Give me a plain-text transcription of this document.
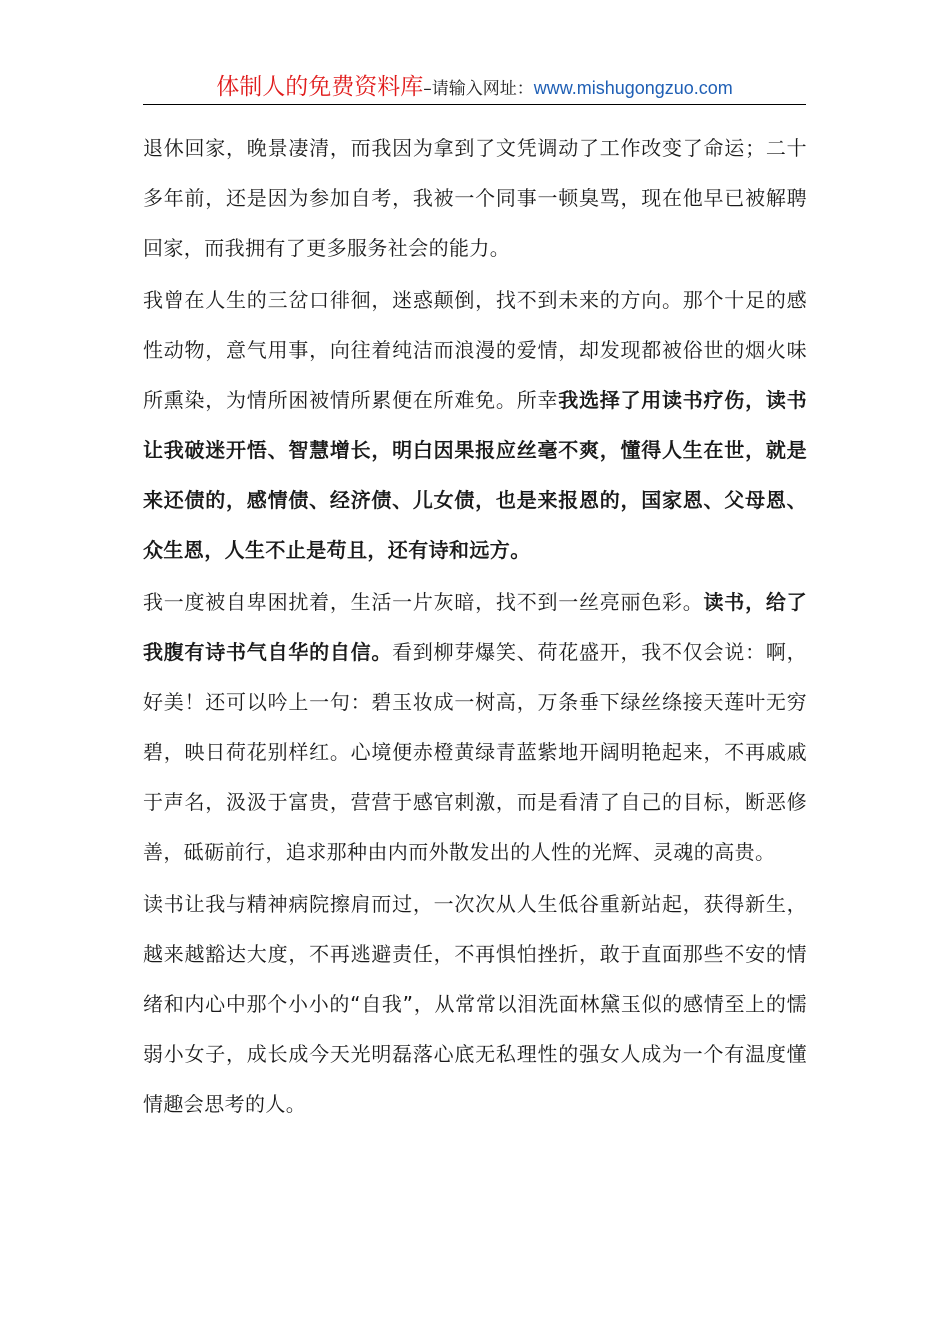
体制人的免费资料库–请输入网址：www.mishugongzuo.com

退休回家，晚景凄清，而我因为拿到了文凭调动了工作改变了命运；二十多年前，还是因为参加自考，我被一个同事一顿臭骂，现在他早已被解聘回家，而我拥有了更多服务社会的能力。

我曾在人生的三岔口徘徊，迷惑颠倒，找不到未来的方向。那个十足的感性动物，意气用事，向往着纯洁而浪漫的爱情，却发现都被俗世的烟火味所熏染，为情所困被情所累便在所难免。所幸我选择了用读书疗伤，读书让我破迷开悟、智慧增长，明白因果报应丝毫不爽，懂得人生在世，就是来还债的，感情债、经济债、儿女债，也是来报恩的，国家恩、父母恩、众生恩，人生不止是苟且，还有诗和远方。

我一度被自卑困扰着，生活一片灰暗，找不到一丝亮丽色彩。读书，给了我腹有诗书气自华的自信。看到柳芽爆笑、荷花盛开，我不仅会说：啊，好美！还可以吟上一句：碧玉妆成一树高，万条垂下绿丝绦接天莲叶无穷碧，映日荷花别样红。心境便赤橙黄绿青蓝紫地开阔明艳起来，不再戚戚于声名，汲汲于富贵，营营于感官刺激，而是看清了自己的目标，断恶修善，砥砺前行，追求那种由内而外散发出的人性的光辉、灵魂的高贵。

读书让我与精神病院擦肩而过，一次次从人生低谷重新站起，获得新生，越来越豁达大度，不再逃避责任，不再惧怕挫折，敢于直面那些不安的情绪和内心中那个小小的“自我”，从常常以泪洗面林黛玉似的感情至上的懦弱小女子，成长成今天光明磊落心底无私理性的强女人成为一个有温度懂情趣会思考的人。
